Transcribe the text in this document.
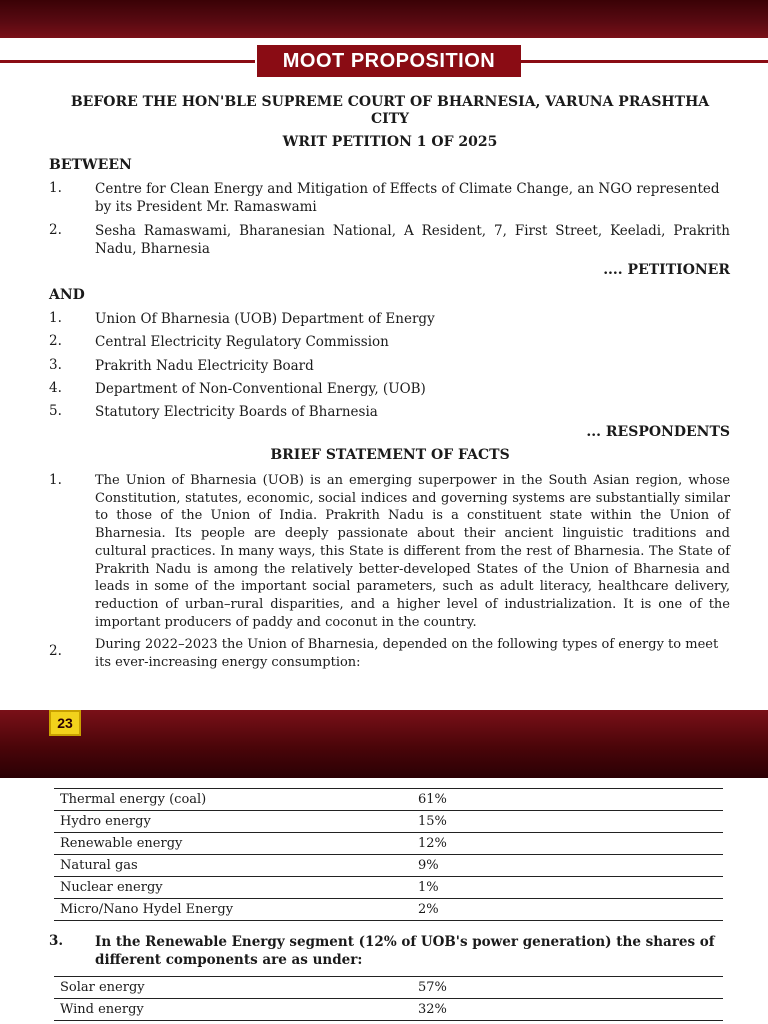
MOOT PROPOSITION
BEFORE THE HON'BLE SUPREME COURT OF BHARNESIA, VARUNA PRASHTHA
CITY
WRIT PETITION 1 OF 2025
BETWEEN
1. Centre for Clean Energy and Mitigation of Effects of Climate Change, an NGO represented by its President Mr. Ramaswami
2. Sesha Ramaswami, Bharanesian National, A Resident, 7, First Street, Keeladi, Prakrith Nadu, Bharnesia
.... PETITIONER
AND
1. Union Of Bharnesia (UOB) Department of Energy
2. Central Electricity Regulatory Commission
3. Prakrith Nadu Electricity Board
4. Department of Non-Conventional Energy, (UOB)
5. Statutory Electricity Boards of Bharnesia
... RESPONDENTS
BRIEF STATEMENT OF FACTS
1.	The Union of Bharnesia (UOB) is an emerging superpower in the South Asian region, whose Constitution, statutes, economic, social indices and governing systems are substantially similar to those of the Union of India. Prakrith Nadu is a constituent state within the Union of Bharnesia. Its people are deeply passionate about their ancient linguistic traditions and cultural practices. In many ways, this State is different from the rest of Bharnesia. The State of Prakrith Nadu is among the relatively better-developed States of the Union of Bharnesia and leads in some of the important social parameters, such as adult literacy, healthcare delivery, reduction of urban–rural disparities, and a higher level of industrialization. It is one of the important producers of paddy and coconut in the country.
2.	During 2022–2023 the Union of Bharnesia, depended on the following types of energy to meet its ever-increasing energy consumption:
23
Thermal energy (coal)	61%
Hydro energy	15%
Renewable energy	12%
Natural gas	9%
Nuclear energy	1%
Micro/Nano Hydel Energy	2%
3. In the Renewable Energy segment (12% of UOB's power generation) the shares of different components are as under:
Solar energy	57%
Wind energy	32%
